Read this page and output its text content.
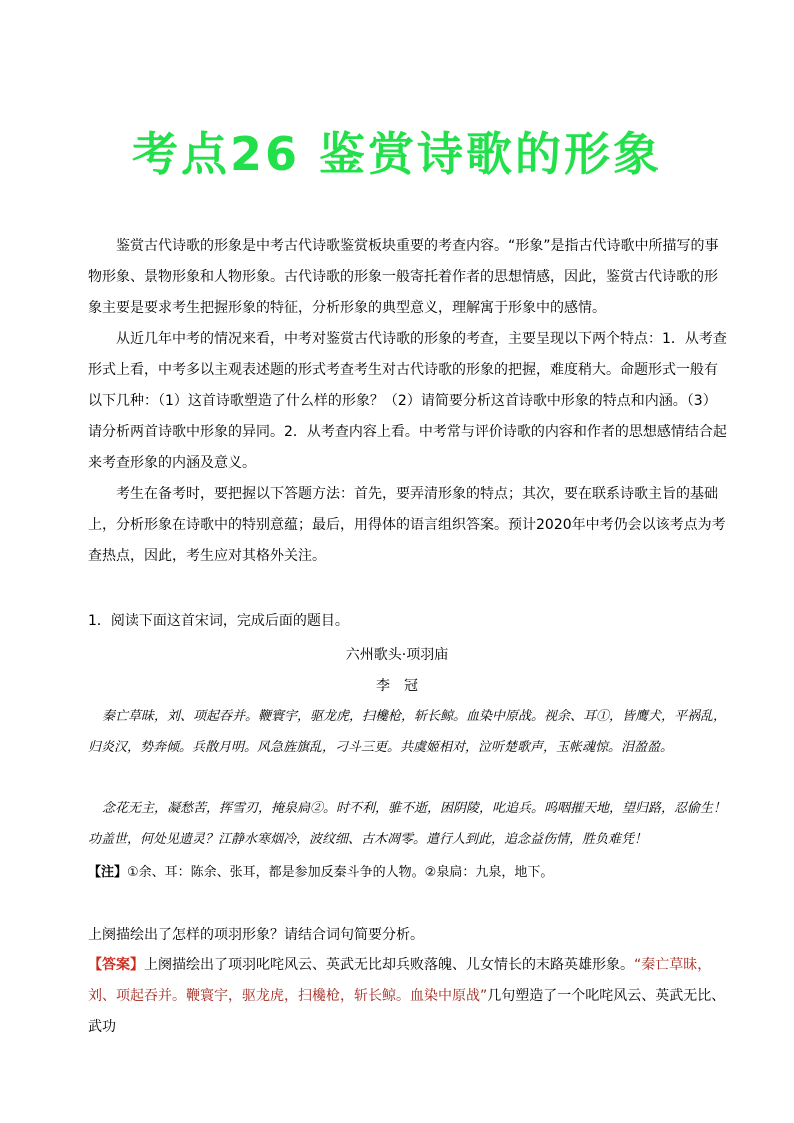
考点26 鉴赏诗歌的形象

鉴赏古代诗歌的形象是中考古代诗歌鉴赏板块重要的考查内容。“形象”是指古代诗歌中所描写的事物形象、景物形象和人物形象。古代诗歌的形象一般寄托着作者的思想情感，因此，鉴赏古代诗歌的形象主要是要求考生把握形象的特征，分析形象的典型意义，理解寓于形象中的感情。

从近几年中考的情况来看，中考对鉴赏古代诗歌的形象的考查，主要呈现以下两个特点：1．从考查形式上看，中考多以主观表述题的形式考查考生对古代诗歌的形象的把握，难度稍大。命题形式一般有以下几种：（1）这首诗歌塑造了什么样的形象？（2）请简要分析这首诗歌中形象的特点和内涵。（3）请分析两首诗歌中形象的异同。2．从考查内容上看。中考常与评价诗歌的内容和作者的思想感情结合起来考查形象的内涵及意义。

考生在备考时，要把握以下答题方法：首先，要弄清形象的特点；其次，要在联系诗歌主旨的基础上，分析形象在诗歌中的特别意蕴；最后，用得体的语言组织答案。预计2020年中考仍会以该考点为考查热点，因此，考生应对其格外关注。

1．阅读下面这首宋词，完成后面的题目。
六州歌头·项羽庙
李　冠

秦亡草昧，刘、项起吞并。鞭寰宇，驱龙虎，扫欃枪，斩长鲸。血染中原战。视余、耳①，皆鹰犬，平祸乱，归炎汉，势奔倾。兵散月明。风急旌旗乱，刁斗三更。共虞姬相对，泣听楚歌声，玉帐魂惊。泪盈盈。

念花无主，凝愁苦，挥雪刃，掩泉扃②。时不利，骓不逝，困阴陵，叱追兵。呜咽摧天地，望归路，忍偷生！功盖世，何处见遗灵？江静水寒烟冷，波纹细、古木凋零。遣行人到此，追念益伤情，胜负难凭！

【注】①余、耳：陈余、张耳，都是参加反秦斗争的人物。②泉扃：九泉，地下。
上阕描绘出了怎样的项羽形象？请结合词句简要分析。

【答案】上阕描绘出了项羽叱咤风云、英武无比却兵败落魄、儿女情长的末路英雄形象。“秦亡草昧，刘、项起吞并。鞭寰宇，驱龙虎，扫欃枪，斩长鲸。血染中原战”几句塑造了一个叱咤风云、英武无比、武功
